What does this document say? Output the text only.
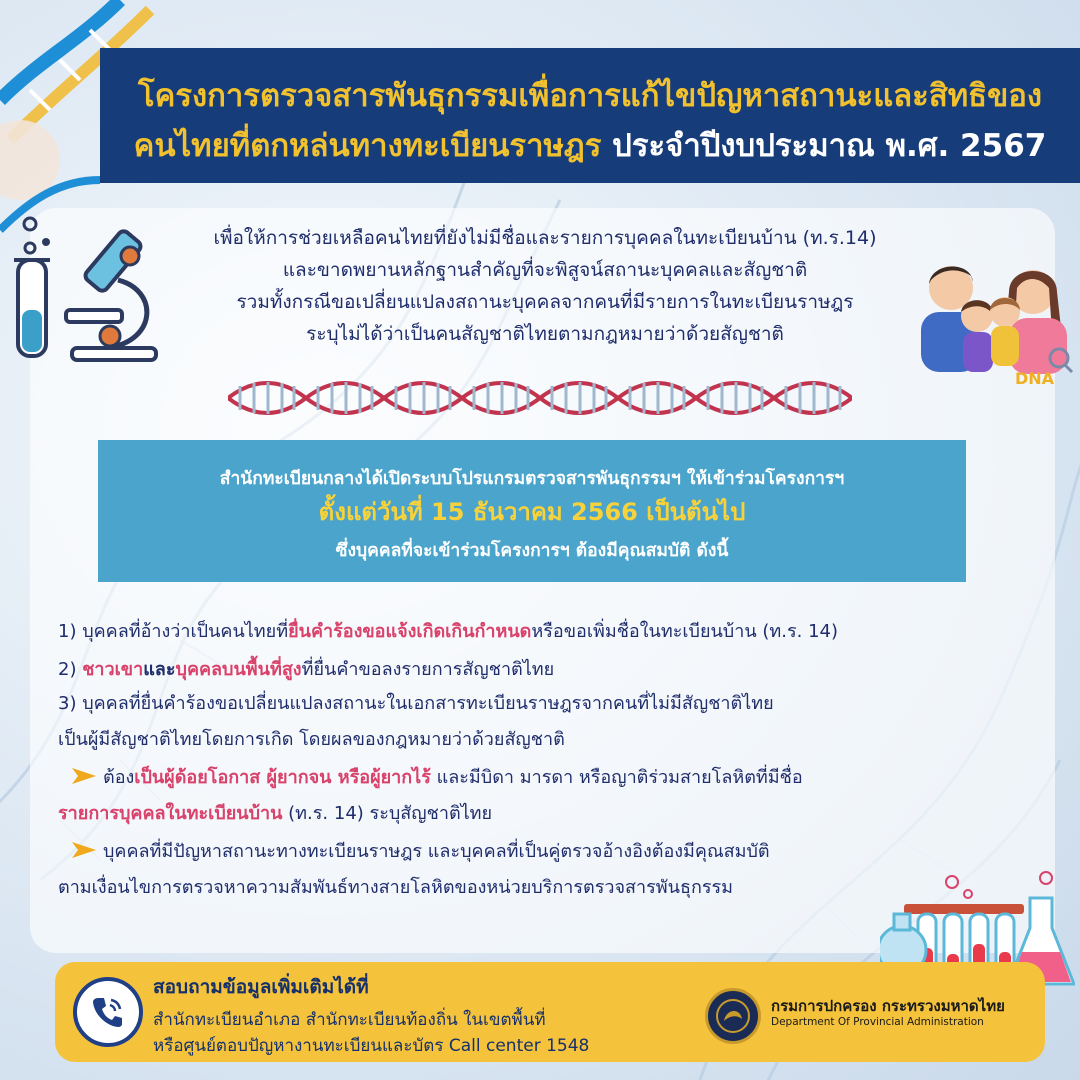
โครงการตรวจสารพันธุกรรมเพื่อการแก้ไขปัญหาสถานะและสิทธิของ
คนไทยที่ตกหล่นทางทะเบียนราษฎร ประจำปีงบประมาณ พ.ศ. 2567
เพื่อให้การช่วยเหลือคนไทยที่ยังไม่มีชื่อและรายการบุคคลในทะเบียนบ้าน (ท.ร.14)
และขาดพยานหลักฐานสำคัญที่จะพิสูจน์สถานะบุคคลและสัญชาติ
รวมทั้งกรณีขอเปลี่ยนแปลงสถานะบุคคลจากคนที่มีรายการในทะเบียนราษฎร
ระบุไม่ได้ว่าเป็นคนสัญชาติไทยตามกฎหมายว่าด้วยสัญชาติ
DNA
สำนักทะเบียนกลางได้เปิดระบบโปรแกรมตรวจสารพันธุกรรมฯ ให้เข้าร่วมโครงการฯ
ตั้งแต่วันที่ 15 ธันวาคม 2566 เป็นต้นไป
ซึ่งบุคคลที่จะเข้าร่วมโครงการฯ ต้องมีคุณสมบัติ ดังนี้
1) บุคคลที่อ้างว่าเป็นคนไทยที่ยื่นคำร้องขอแจ้งเกิดเกินกำหนดหรือขอเพิ่มชื่อในทะเบียนบ้าน (ท.ร. 14)
2) ชาวเขาและบุคคลบนพื้นที่สูงที่ยื่นคำขอลงรายการสัญชาติไทย
3) บุคคลที่ยื่นคำร้องขอเปลี่ยนแปลงสถานะในเอกสารทะเบียนราษฎรจากคนที่ไม่มีสัญชาติไทย
เป็นผู้มีสัญชาติไทยโดยการเกิด โดยผลของกฎหมายว่าด้วยสัญชาติ
ต้องเป็นผู้ด้อยโอกาส ผู้ยากจน หรือผู้ยากไร้ และมีบิดา มารดา หรือญาติร่วมสายโลหิตที่มีชื่อ
รายการบุคคลในทะเบียนบ้าน (ท.ร. 14) ระบุสัญชาติไทย
บุคคลที่มีปัญหาสถานะทางทะเบียนราษฎร และบุคคลที่เป็นคู่ตรวจอ้างอิงต้องมีคุณสมบัติ
ตามเงื่อนไขการตรวจหาความสัมพันธ์ทางสายโลหิตของหน่วยบริการตรวจสารพันธุกรรม
สอบถามข้อมูลเพิ่มเติมได้ที่
สำนักทะเบียนอำเภอ สำนักทะเบียนท้องถิ่น ในเขตพื้นที่
หรือศูนย์ตอบปัญหางานทะเบียนและบัตร Call center 1548
กรมการปกครอง กระทรวงมหาดไทย
Department Of Provincial Administration
